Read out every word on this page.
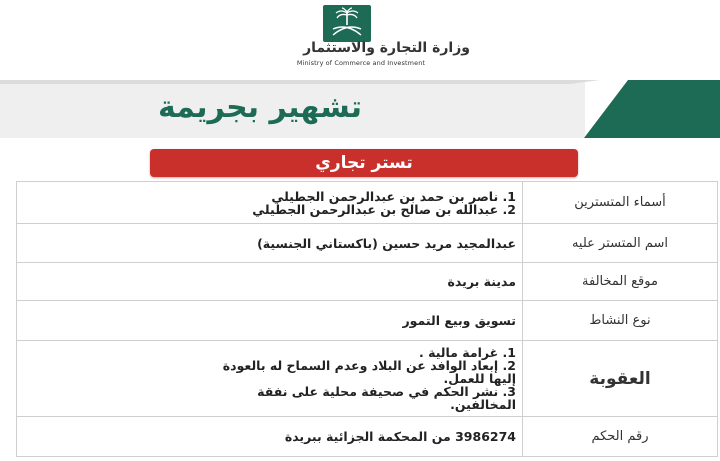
وزارة التجارة والاستثمار
Ministry of Commerce and Investment
تشهير بجريمة
تستر تجاري
أسماء المتسترين	1. ناصر بن حمد بن عبدالرحمن الجطيلي
2. عبدالله بن صالح بن عبدالرحمن الجطيلي

اسم المتستر عليه	عبدالمجيد مريد حسين (باكستاني الجنسية)

موقع المخالفة	مدينة بريدة

نوع النشاط	تسويق وبيع التمور

العقوبة	1. غرامة مالية .
2. إبعاد الوافد عن البلاد وعدم السماح له بالعودة
إليها للعمل.
3. نشر الحكم في صحيفة محلية على نفقة
المخالفين.

رقم الحكم	3986274 من المحكمة الجزائية ببريدة
